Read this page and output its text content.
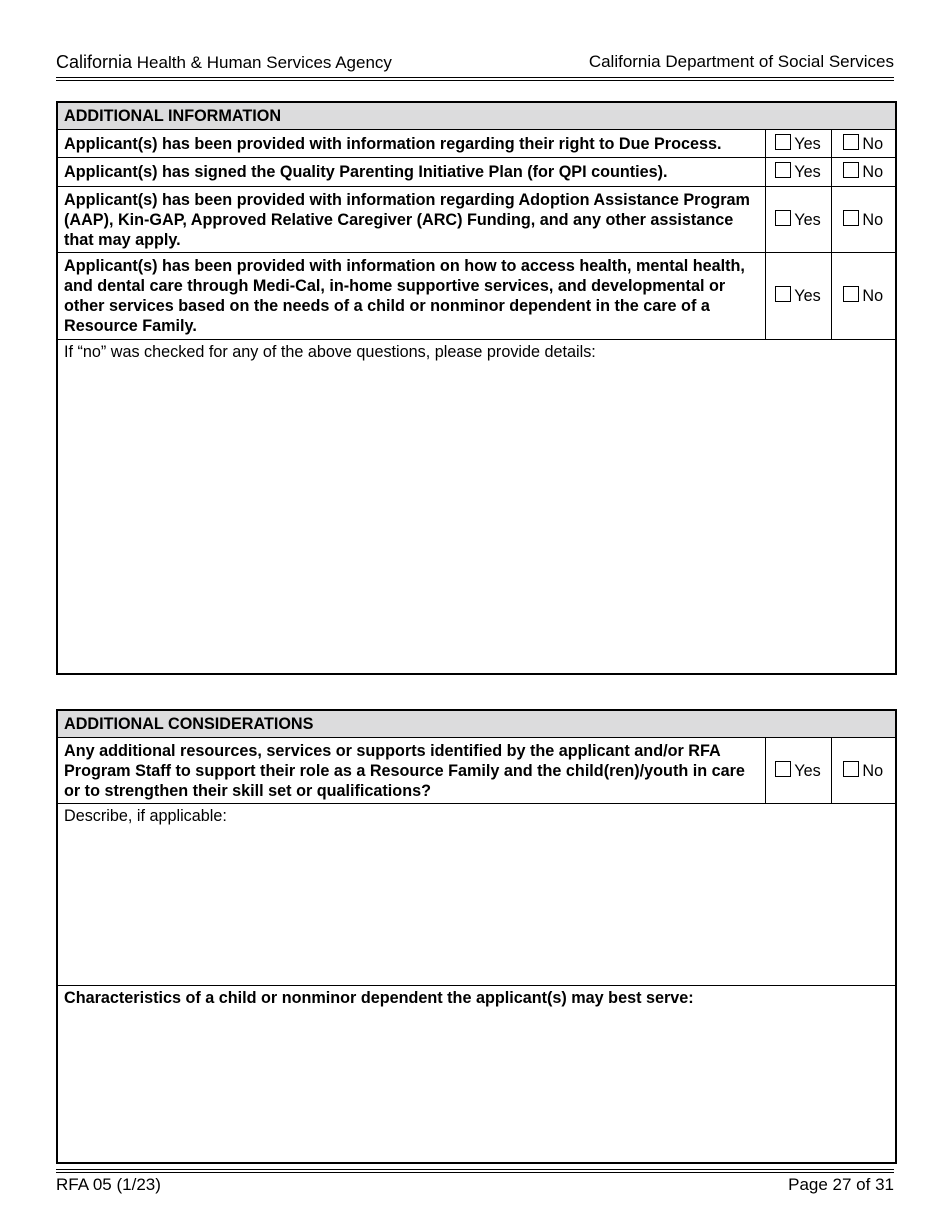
California Health & Human Services Agency	California Department of Social Services
ADDITIONAL INFORMATION		
Applicant(s) has been provided with information regarding their right to Due Process.	Yes	No
Applicant(s) has signed the Quality Parenting Initiative Plan (for QPI counties).	Yes	No
Applicant(s) has been provided with information regarding Adoption Assistance Program (AAP), Kin-GAP, Approved Relative Caregiver (ARC) Funding, and any other assistance that may apply.	Yes	No
Applicant(s) has been provided with information on how to access health, mental health, and dental care through Medi-Cal, in-home supportive services, and developmental or other services based on the needs of a child or nonminor dependent in the care of a Resource Family.	Yes	No
If “no” was checked for any of the above questions, please provide details:		
ADDITIONAL CONSIDERATIONS
Any additional resources, services or supports identified by the applicant and/or RFA Program Staff to support their role as a Resource Family and the child(ren)/youth in care or to strengthen their skill set or qualifications?	Yes	No
Describe, if applicable:
Characteristics of a child or nonminor dependent the applicant(s) may best serve:
RFA 05 (1/23)	Page 27 of 31
